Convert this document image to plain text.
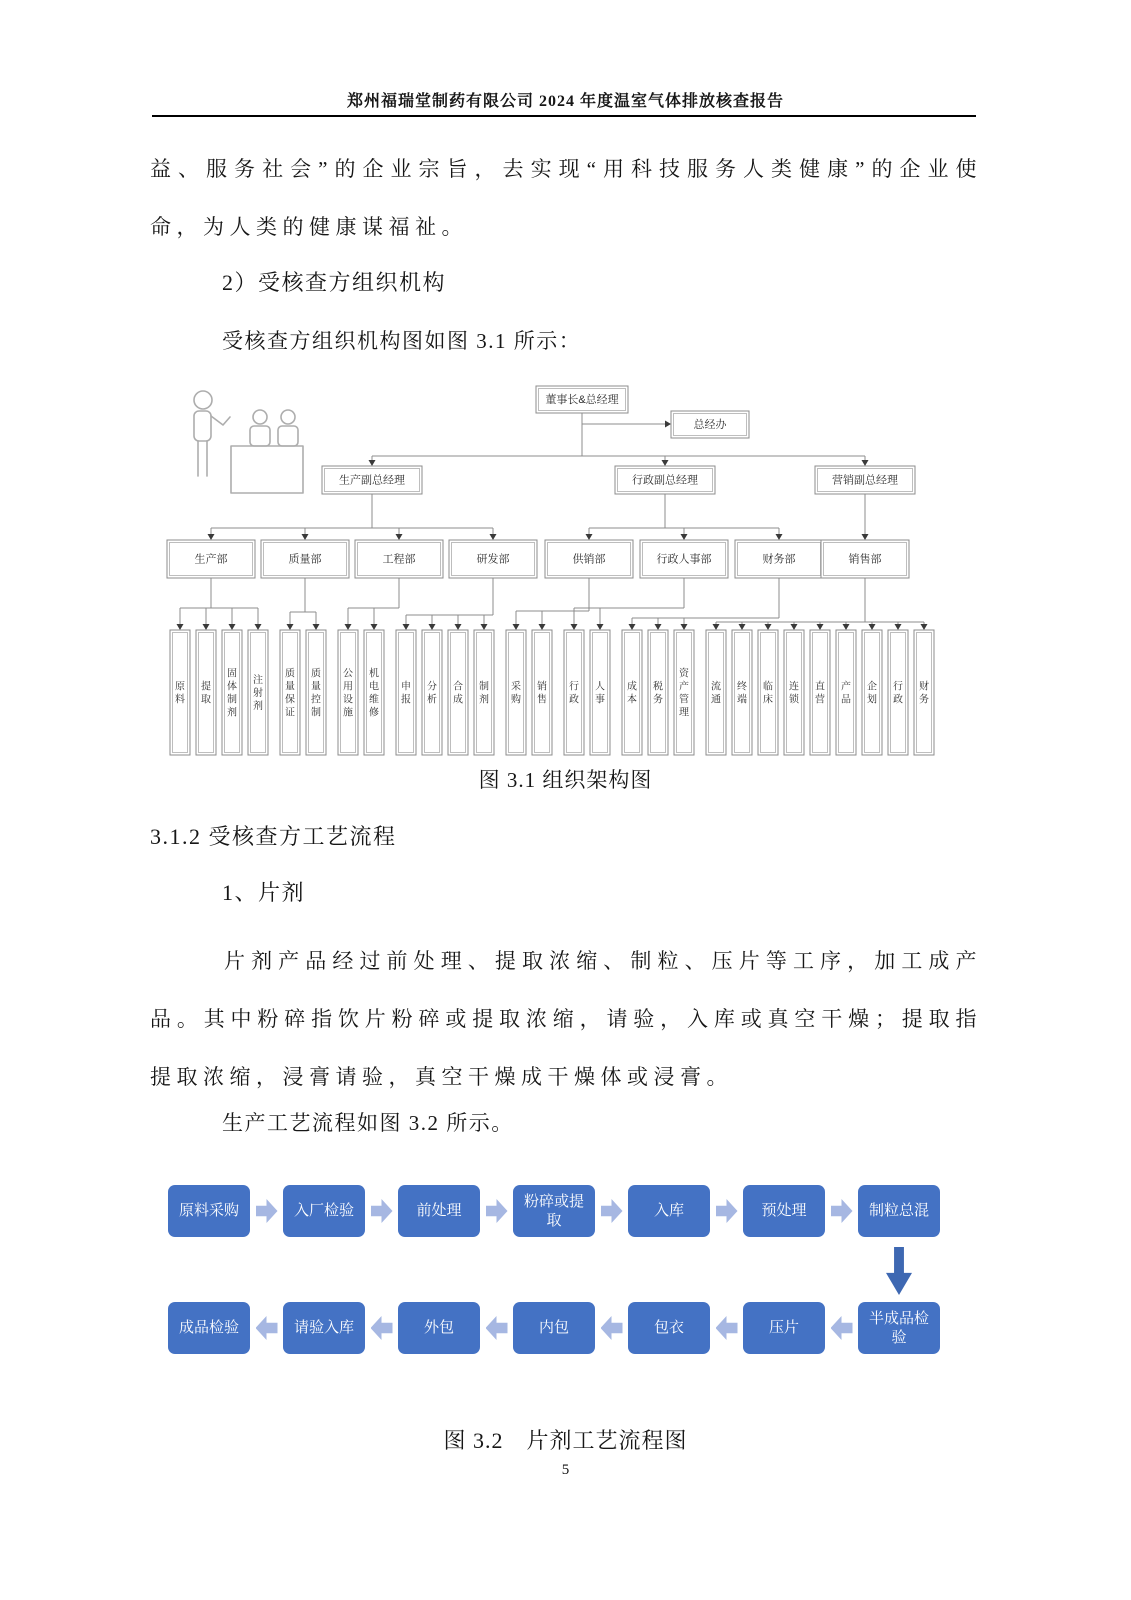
郑州福瑞堂制药有限公司 2024 年度温室气体排放核查报告

益、服务社会”的企业宗旨，去实现“用科技服务人类健康”的企业使命，为人类的健康谋福祉。

2）受核查方组织机构

受核查方组织机构图如图 3.1 所示：

董事长&总经理
总经办
生产副总经理	行政副总经理	营销副总经理
生产部	质量部	工程部	研发部	供销部	行政人事部	财务部	销售部
原料
提取
固体制剂
注射剂
质量保证
质量控制
公用设施
机电维修
申报
分析
合成
制剂
采购
销售
行政
人事
成本
税务
资产管理
流通
终端
临床
连锁
直营
产品
企划
行政
财务

图 3.1 组织架构图

3.1.2 受核查方工艺流程

1、片剂

片剂产品经过前处理、提取浓缩、制粒、压片等工序，加工成产品。其中粉碎指饮片粉碎或提取浓缩，请验，入库或真空干燥；提取指提取浓缩，浸膏请验，真空干燥成干燥体或浸膏。

生产工艺流程如图 3.2 所示。

原料采购	入厂检验	前处理
粉碎或提取
入库	预处理	制粒总混
成品检验	请验入库	外包	内包	包衣	压片
半成品检验

图 3.2　片剂工艺流程图

5
